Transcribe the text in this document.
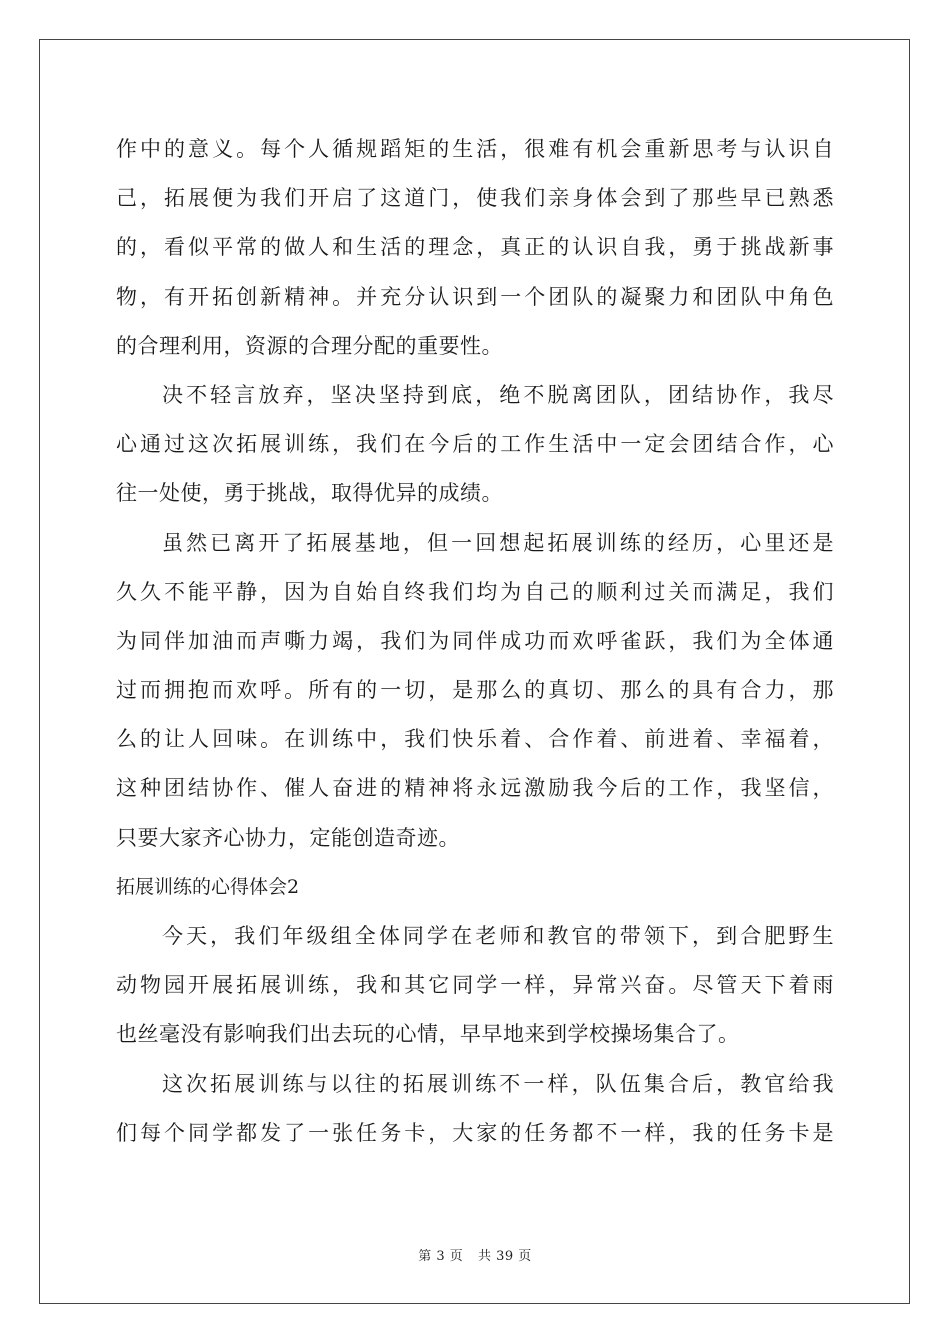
作中的意义。每个人循规蹈矩的生活，很难有机会重新思考与认识自
己，拓展便为我们开启了这道门，使我们亲身体会到了那些早已熟悉
的，看似平常的做人和生活的理念，真正的认识自我，勇于挑战新事
物，有开拓创新精神。并充分认识到一个团队的凝聚力和团队中角色
的合理利用，资源的合理分配的重要性。
决不轻言放弃，坚决坚持到底，绝不脱离团队，团结协作，我尽
心通过这次拓展训练，我们在今后的工作生活中一定会团结合作，心
往一处使，勇于挑战，取得优异的成绩。
虽然已离开了拓展基地，但一回想起拓展训练的经历，心里还是
久久不能平静，因为自始自终我们均为自己的顺利过关而满足，我们
为同伴加油而声嘶力竭，我们为同伴成功而欢呼雀跃，我们为全体通
过而拥抱而欢呼。所有的一切，是那么的真切、那么的具有合力，那
么的让人回味。在训练中，我们快乐着、合作着、前进着、幸福着，
这种团结协作、催人奋进的精神将永远激励我今后的工作，我坚信，
只要大家齐心协力，定能创造奇迹。
拓展训练的心得体会2
今天，我们年级组全体同学在老师和教官的带领下，到合肥野生
动物园开展拓展训练，我和其它同学一样，异常兴奋。尽管天下着雨
也丝毫没有影响我们出去玩的心情，早早地来到学校操场集合了。
这次拓展训练与以往的拓展训练不一样，队伍集合后，教官给我
们每个同学都发了一张任务卡，大家的任务都不一样，我的任务卡是
第 3 页 共 39 页
